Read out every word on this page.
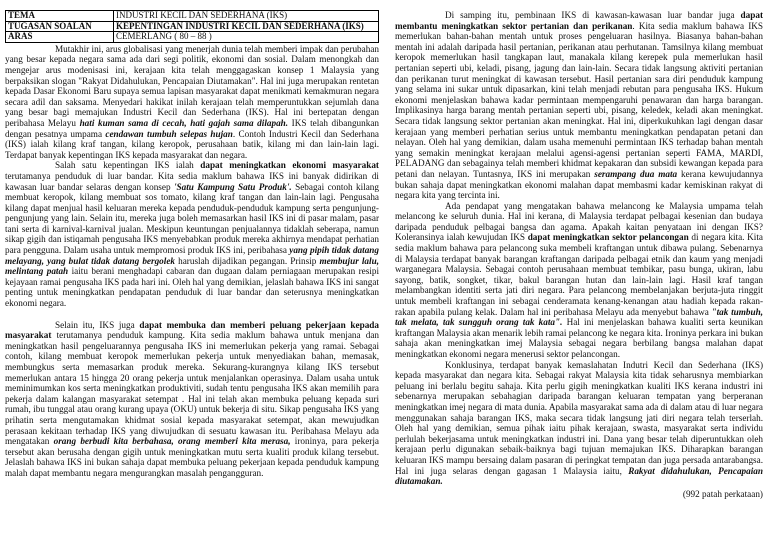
TEMA	INDUSTRI KECIL DAN SEDERHANA (IKS)
TUGASAN SOALAN	KEPENTINGAN INDUSTRI KECIL DAN SEDERHANA (IKS)
ARAS	CEMERLANG ( 80 – 88 )

Mutakhir ini, arus globalisasi yang menerjah dunia telah memberi impak dan perubahan yang besar kepada negara sama ada dari segi politik, ekonomi dan sosial. Dalam menongkah dan mengejar arus modenisasi ini, kerajaan kita telah menggagaskan konsep 1 Malaysia yang berpaksikan slogan "Rakyat Didahulukan, Pencapaian Diutamakan". Hal ini juga merupakan rentetan kepada Dasar Ekonomi Baru supaya semua lapisan masyarakat dapat menikmati kemakmuran negara secara adil dan saksama. Menyedari hakikat inilah kerajaan telah memperuntukkan sejumlah dana yang besar bagi memajukan Industri Kecil dan Sederhana (IKS). Hal ini bertepatan dengan peribahasa Melayu hati kuman sama di cecah, hati gajah sama dilapah. IKS telah dibangunkan dengan pesatnya umpama cendawan tumbuh selepas hujan. Contoh Industri Kecil dan Sederhana (IKS) ialah kilang kraf tangan, kilang keropok, perusahaan batik, kilang mi dan lain-lain lagi. Terdapat banyak kepentingan IKS kepada masyarakat dan negara.

Salah satu kepentingan IKS ialah dapat meningkatkan ekonomi masyarakat terutamanya penduduk di luar bandar. Kita sedia maklum bahawa IKS ini banyak didirikan di kawasan luar bandar selaras dengan konsep 'Satu Kampung Satu Produk'. Sebagai contoh kilang membuat keropok, kilang membuat sos tomato, kilang kraf tangan dan lain-lain lagi. Pengusaha kilang dapat menjual hasil keluaran mereka kepada penduduk-penduduk kampung serta pengunjung-pengunjung yang lain. Selain itu, mereka juga boleh memasarkan hasil IKS ini di pasar malam, pasar tani serta di karnival-karnival jualan. Meskipun keuntungan penjualannya tidaklah seberapa, namun sikap gigih dan istiqamah pengusaha IKS menyebabkan produk mereka akhirnya mendapat perhatian para pengguna. Dalam usaha untuk mempromosi produk IKS ini, peribahasa yang pipih tidak datang melayang, yang bulat tidak datang bergolek haruslah dijadikan pegangan. Prinsip membujur lalu, melintang patah iaitu berani menghadapi cabaran dan dugaan dalam perniagaan merupakan resipi kejayaan ramai pengusaha IKS pada hari ini. Oleh hal yang demikian, jelaslah bahawa IKS ini sangat penting untuk meningkatkan pendapatan penduduk di luar bandar dan seterusnya meningkatkan ekonomi negara.

Selain itu, IKS juga dapat membuka dan memberi peluang pekerjaan kepada masyarakat terutamanya penduduk kampung. Kita sedia maklum bahawa untuk menjana dan meningkatkan hasil pengeluarannya pengusaha IKS ini memerlukan pekerja yang ramai. Sebagai contoh, kilang membuat keropok memerlukan pekerja untuk menyediakan bahan, memasak, membungkus serta memasarkan produk mereka. Sekurang-kurangnya kilang IKS tersebut memerlukan antara 15 hingga 20 orang pekerja untuk menjalankan operasinya. Dalam usaha untuk meminimumkan kos serta meningkatkan produktiviti, sudah tentu pengusaha IKS akan memilih para pekerja dalam kalangan masyarakat setempat . Hal ini telah akan membuka peluang kepada suri rumah, ibu tunggal atau orang kurang upaya (OKU) untuk bekerja di situ. Sikap pengusaha IKS yang prihatin serta mengutamakan khidmat sosial kepada masyarakat setempat, akan mewujudkan perasaan kekitaan terhadap IKS yang diwujudkan di sesuatu kawasan itu. Peribahasa Melayu ada mengatakan orang berbudi kita berbahasa, orang memberi kita merasa, ironinya, para pekerja tersebut akan berusaha dengan gigih untuk meningkatkan mutu serta kualiti produk kilang tersebut. Jelaslah bahawa IKS ini bukan sahaja dapat membuka peluang pekerjaan kepada penduduk kampung malah dapat membantu negara mengurangkan masalah pengangguran.

Di samping itu, pembinaan IKS di kawasan-kawasan luar bandar juga dapat membantu meningkatkan sektor pertanian dan perikanan. Kita sedia maklum bahawa IKS memerlukan bahan-bahan mentah untuk proses pengeluaran hasilnya. Biasanya bahan-bahan mentah ini adalah daripada hasil pertanian, perikanan atau perhutanan. Tamsilnya kilang membuat keropok memerlukan hasil tangkapan laut, manakala kilang kerepek pula memerlukan hasil pertanian seperti ubi, keladi, pisang, jagung dan lain-lain. Secara tidak langsung aktiviti pertanian dan perikanan turut meningkat di kawasan tersebut. Hasil pertanian sara diri penduduk kampung yang selama ini sukar untuk dipasarkan, kini telah menjadi rebutan para pengusaha IKS. Hukum ekonomi menjelaskan bahawa kadar permintaan mempengaruhi penawaran dan harga barangan. Implikasinya harga barang mentah pertanian seperti ubi, pisang, keledek, keladi akan meningkat. Secara tidak langsung sektor pertanian akan meningkat. Hal ini, diperkukuhkan lagi dengan dasar kerajaan yang memberi perhatian serius untuk membantu meningkatkan pendapatan petani dan nelayan. Oleh hal yang demikian, dalam usaha memenuhi permintaan IKS terhadap bahan mentah yang semakin meningkat kerajaan melalui agensi-agensi pertanian seperti FAMA, MARDI, PELADANG dan sebagainya telah memberi khidmat kepakaran dan subsidi kewangan kepada para petani dan nelayan. Tuntasnya, IKS ini merupakan serampang dua mata kerana kewujudannya bukan sahaja dapat meningkatkan ekonomi malahan dapat membasmi kadar kemiskinan rakyat di negara kita yang tercinta ini.

Ada pendapat yang mengatakan bahawa melancong ke Malaysia umpama telah melancong ke seluruh dunia. Hal ini kerana, di Malaysia terdapat pelbagai kesenian dan budaya daripada penduduk pelbagai bangsa dan agama. Apakah kaitan penyataan ini dengan IKS? Koleransinya ialah kewujudan IKS dapat meningkatkan sektor pelancongan di negara kita. Kita sedia maklum bahawa para pelancong suka membeli kraftangan untuk dibawa pulang. Sebenarnya di Malaysia terdapat banyak barangan kraftangan daripada pelbagai etnik dan kaum yang menjadi warganegara Malaysia. Sebagai contoh perusahaan membuat tembikar, pasu bunga, ukiran, labu sayong, batik, songket, tikar, bakul barangan hutan dan lain-lain lagi. Hasil kraf tangan melambangkan identiti serta jati diri negara. Para pelancong membelanjakan berjuta-juta ringgit untuk membeli kraftangan ini sebagai cenderamata kenang-kenangan atau hadiah kepada rakan-rakan apabila pulang kelak. Dalam hal ini peribahasa Melayu ada menyebut bahawa "tak tumbuh, tak melata, tak sungguh orang tak kata". Hal ini menjelaskan bahawa kualiti serta keunikan kraftangan Malaysia akan menarik lebih ramai pelancong ke negara kita. Ironinya perkara ini bukan sahaja akan meningkatkan imej Malaysia sebagai negara berbilang bangsa malahan dapat meningkatkan ekonomi negara menerusi sektor pelancongan.

Konklusinya, terdapat banyak kemaslahatan Indutri Kecil dan Sederhana (IKS) kepada masyarakat dan negara kita. Sebagai rakyat Malaysia kita tidak seharusnya membiarkan peluang ini berlalu begitu sahaja. Kita perlu gigih meningkatkan kualiti IKS kerana industri ini sebenarnya merupakan sebahagian daripada barangan keluaran tempatan yang berperanan meningkatkan imej negara di mata dunia. Apabila masyarakat sama ada di dalam atau di luar negara menggunakan sahaja barangan IKS, maka secara tidak langsung jati diri negara telah terserlah. Oleh hal yang demikian, semua pihak iaitu pihak kerajaan, swasta, masyarakat serta individu perlulah bekerjasama untuk meningkatkan industri ini. Dana yang besar telah diperuntukkan oleh kerajaan perlu digunakan sebaik-baiknya bagi tujuan memajukan IKS. Diharapkan barangan keluaran IKS mampu bersaing dalam pasaran di peringkat tempatan dan juga persada antarabangsa. Hal ini juga selaras dengan gagasan 1 Malaysia iaitu, Rakyat didahulukan, Pencapaian diutamakan.

(992 patah perkataan)
